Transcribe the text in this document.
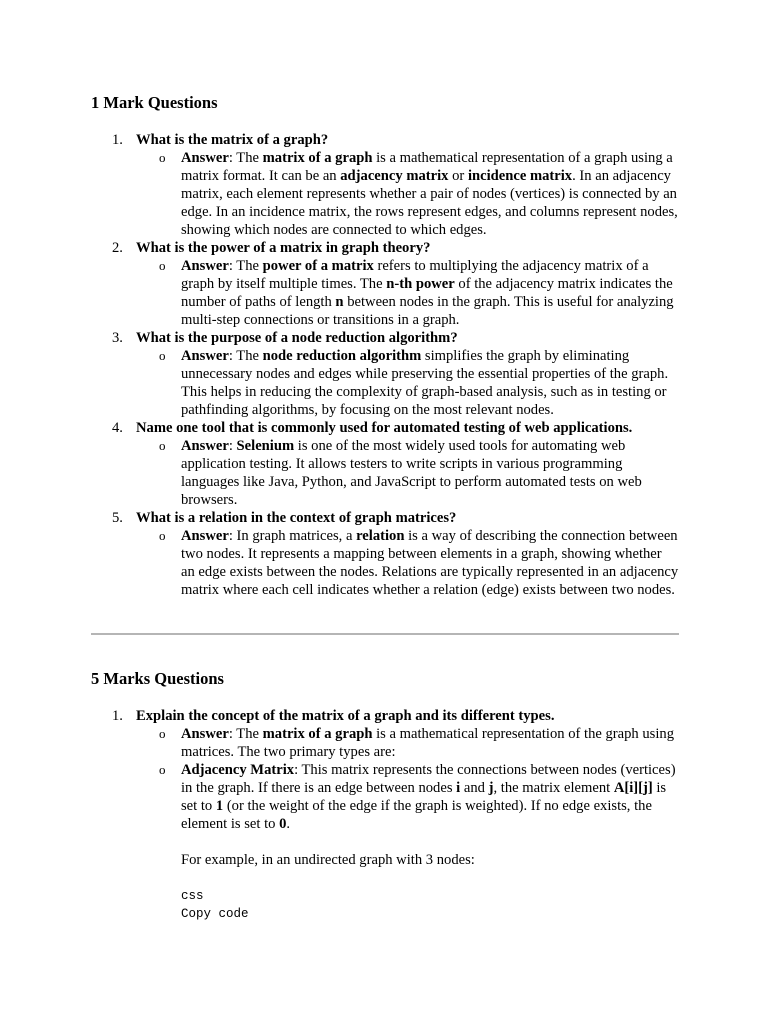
1 Mark Questions
1. What is the matrix of a graph?
o Answer: The matrix of a graph is a mathematical representation of a graph using a matrix format. It can be an adjacency matrix or incidence matrix. In an adjacency matrix, each element represents whether a pair of nodes (vertices) is connected by an edge. In an incidence matrix, the rows represent edges, and columns represent nodes, showing which nodes are connected to which edges.
2. What is the power of a matrix in graph theory?
o Answer: The power of a matrix refers to multiplying the adjacency matrix of a graph by itself multiple times. The n-th power of the adjacency matrix indicates the number of paths of length n between nodes in the graph. This is useful for analyzing multi-step connections or transitions in a graph.
3. What is the purpose of a node reduction algorithm?
o Answer: The node reduction algorithm simplifies the graph by eliminating unnecessary nodes and edges while preserving the essential properties of the graph. This helps in reducing the complexity of graph-based analysis, such as in testing or pathfinding algorithms, by focusing on the most relevant nodes.
4. Name one tool that is commonly used for automated testing of web applications.
o Answer: Selenium is one of the most widely used tools for automating web application testing. It allows testers to write scripts in various programming languages like Java, Python, and JavaScript to perform automated tests on web browsers.
5. What is a relation in the context of graph matrices?
o Answer: In graph matrices, a relation is a way of describing the connection between two nodes. It represents a mapping between elements in a graph, showing whether an edge exists between the nodes. Relations are typically represented in an adjacency matrix where each cell indicates whether a relation (edge) exists between two nodes.
5 Marks Questions
1. Explain the concept of the matrix of a graph and its different types.
o Answer: The matrix of a graph is a mathematical representation of the graph using matrices. The two primary types are:
o Adjacency Matrix: This matrix represents the connections between nodes (vertices) in the graph. If there is an edge between nodes i and j, the matrix element A[i][j] is set to 1 (or the weight of the edge if the graph is weighted). If no edge exists, the element is set to 0.
For example, in an undirected graph with 3 nodes:
css
Copy code
